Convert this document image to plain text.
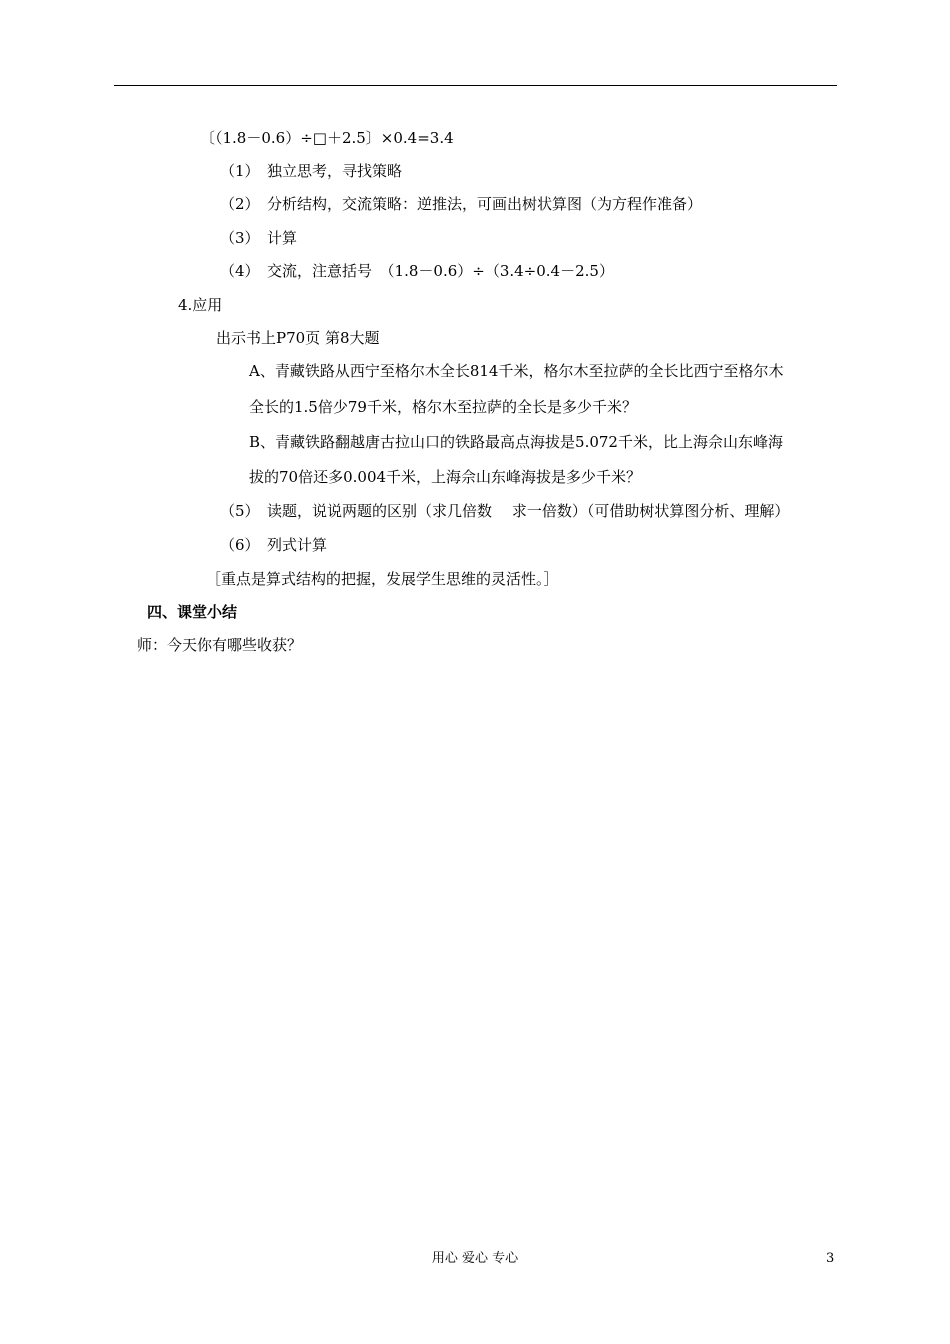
〔（1.8－0.6）÷□＋2.5〕×0.4=3.4
（1）　独立思考，寻找策略
（2）　分析结构，交流策略：逆推法，可画出树状算图（为方程作准备）
（3）　计算
（4）　交流，注意括号　（1.8－0.6）÷（3.4÷0.4－2.5）
4.应用
出示书上P70页 第8大题
A、青藏铁路从西宁至格尔木全长814千米，格尔木至拉萨的全长比西宁至格尔木
全长的1.5倍少79千米，格尔木至拉萨的全长是多少千米？
B、青藏铁路翻越唐古拉山口的铁路最高点海拔是5.072千米，比上海佘山东峰海
拔的70倍还多0.004千米，上海佘山东峰海拔是多少千米？
（5）　读题，说说两题的区别（求几倍数　 求一倍数）（可借助树状算图分析、理解）
（6）　列式计算
［重点是算式结构的把握，发展学生思维的灵活性。］
四、课堂小结
师：今天你有哪些收获？
用心 爱心 专心	3
